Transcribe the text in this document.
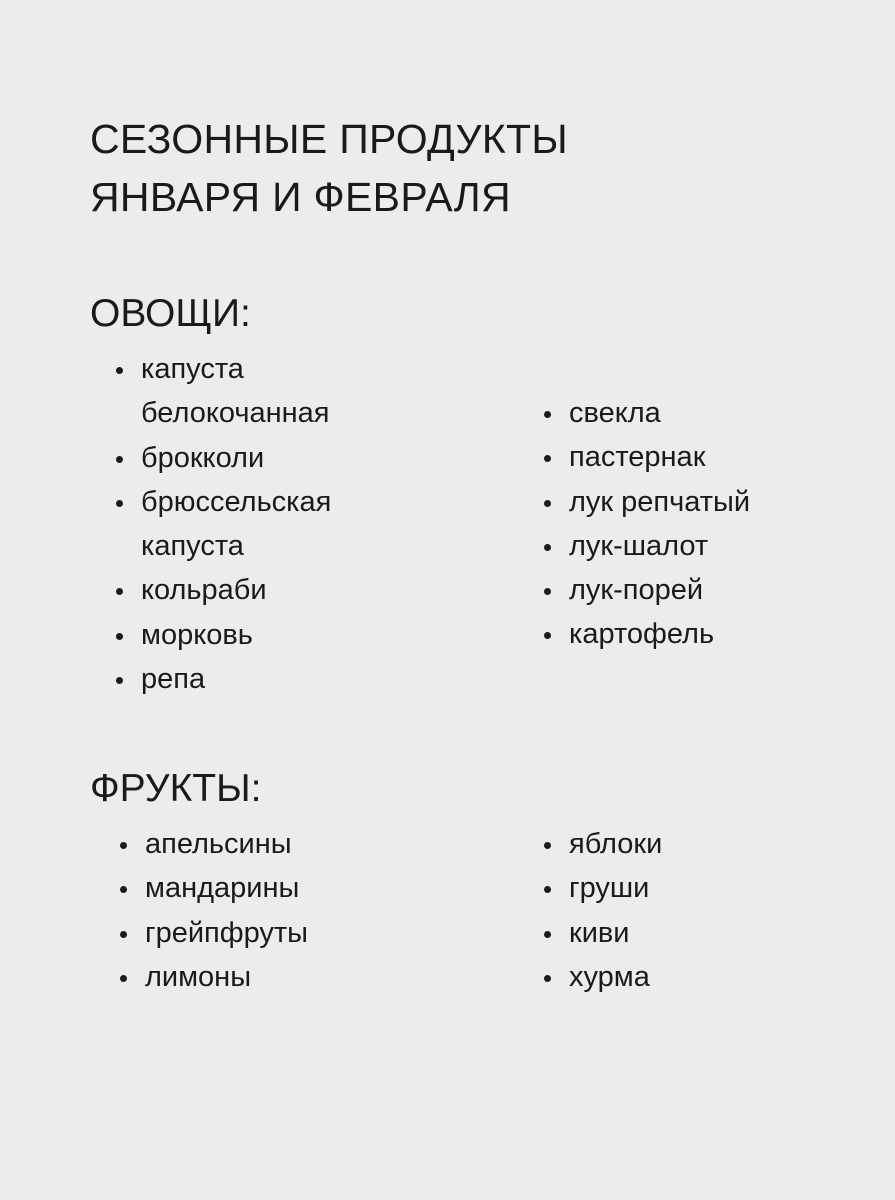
СЕЗОННЫЕ ПРОДУКТЫ
ЯНВАРЯ И ФЕВРАЛЯ
ОВОЩИ:
капуста
белокочанная
брокколи
брюссельская
капуста
кольраби
морковь
репа
свекла
пастернак
лук репчатый
лук-шалот
лук-порей
картофель
ФРУКТЫ:
апельсины
мандарины
грейпфруты
лимоны
яблоки
груши
киви
хурма
